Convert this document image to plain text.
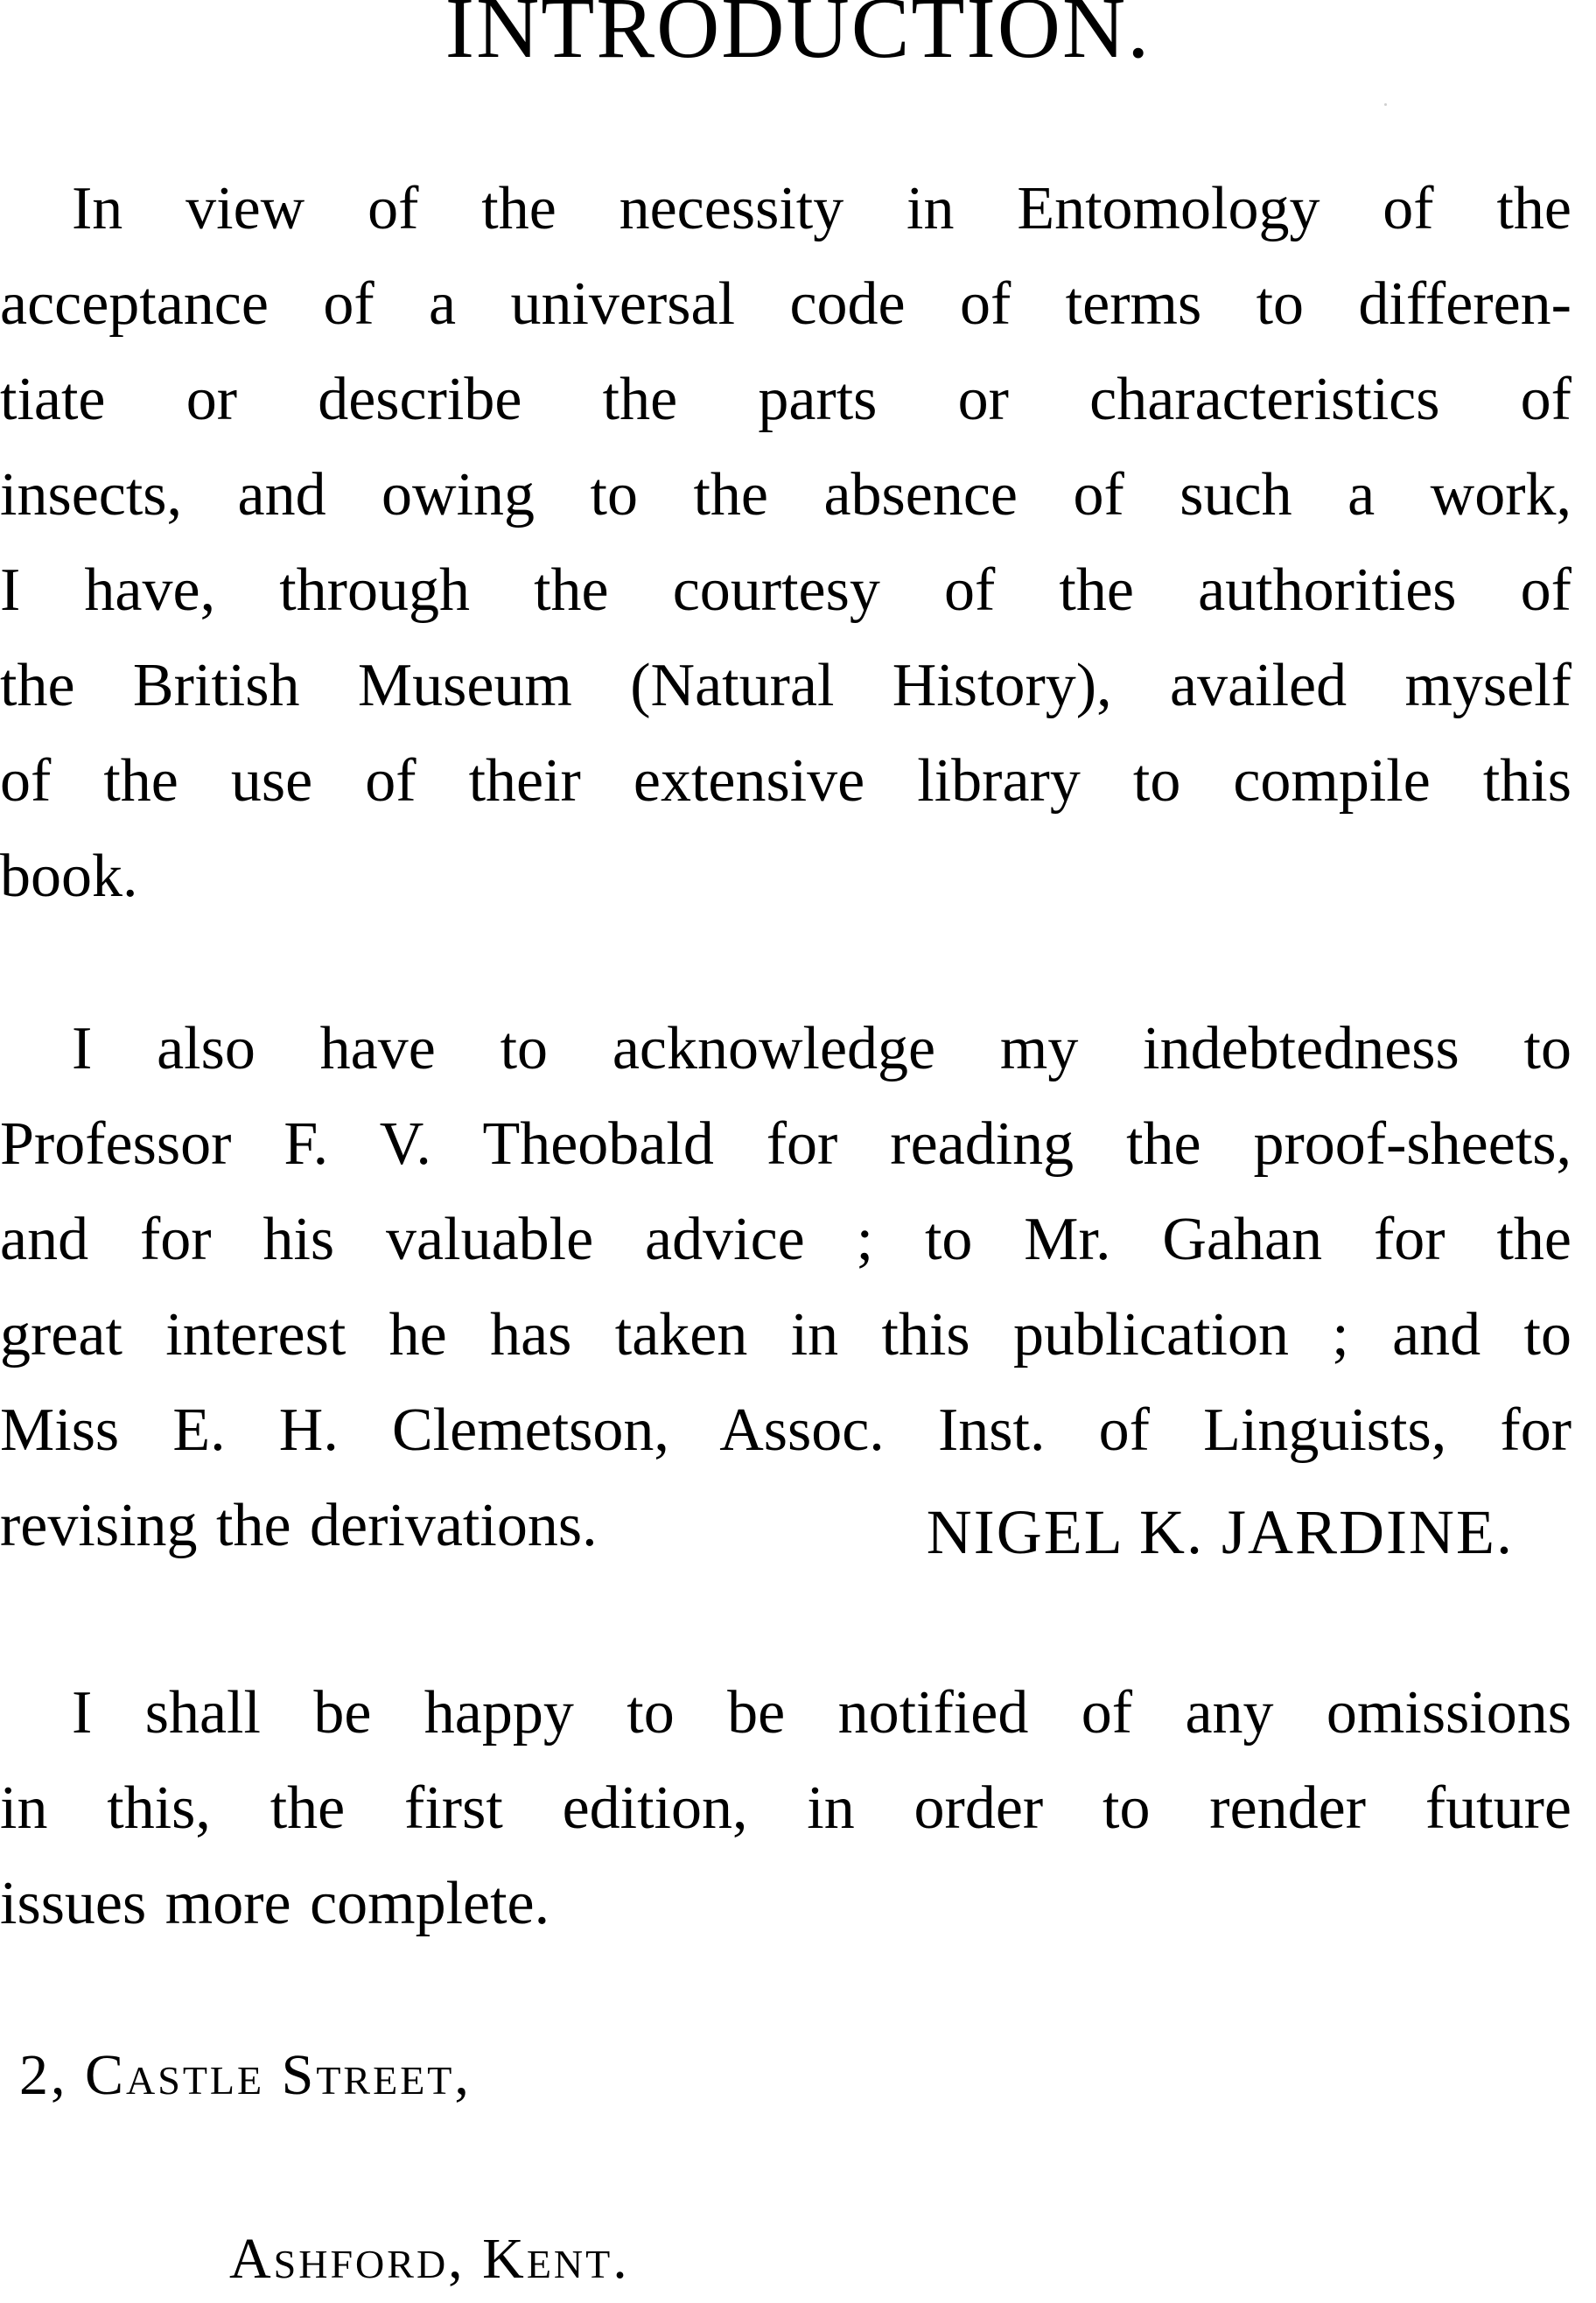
INTRODUCTION.

In view of the necessity in Entomology of the
acceptance of a universal code of terms to differen-
tiate or describe the parts or characteristics of
insects, and owing to the absence of such a work,
I have, through the courtesy of the authorities of
the British Museum (Natural History), availed myself
of the use of their extensive library to compile this
book.

I also have to acknowledge my indebtedness to
Professor F. V. Theobald for reading the proof-sheets,
and for his valuable advice ; to Mr. Gahan for the
great interest he has taken in this publication ; and to
Miss E. H. Clemetson, Assoc. Inst. of Linguists, for
revising the derivations.

I shall be happy to be notified of any omissions
in this, the first edition, in order to render future
issues more complete.

NIGEL K. JARDINE.

2, Castle Street,

Ashford, Kent.
